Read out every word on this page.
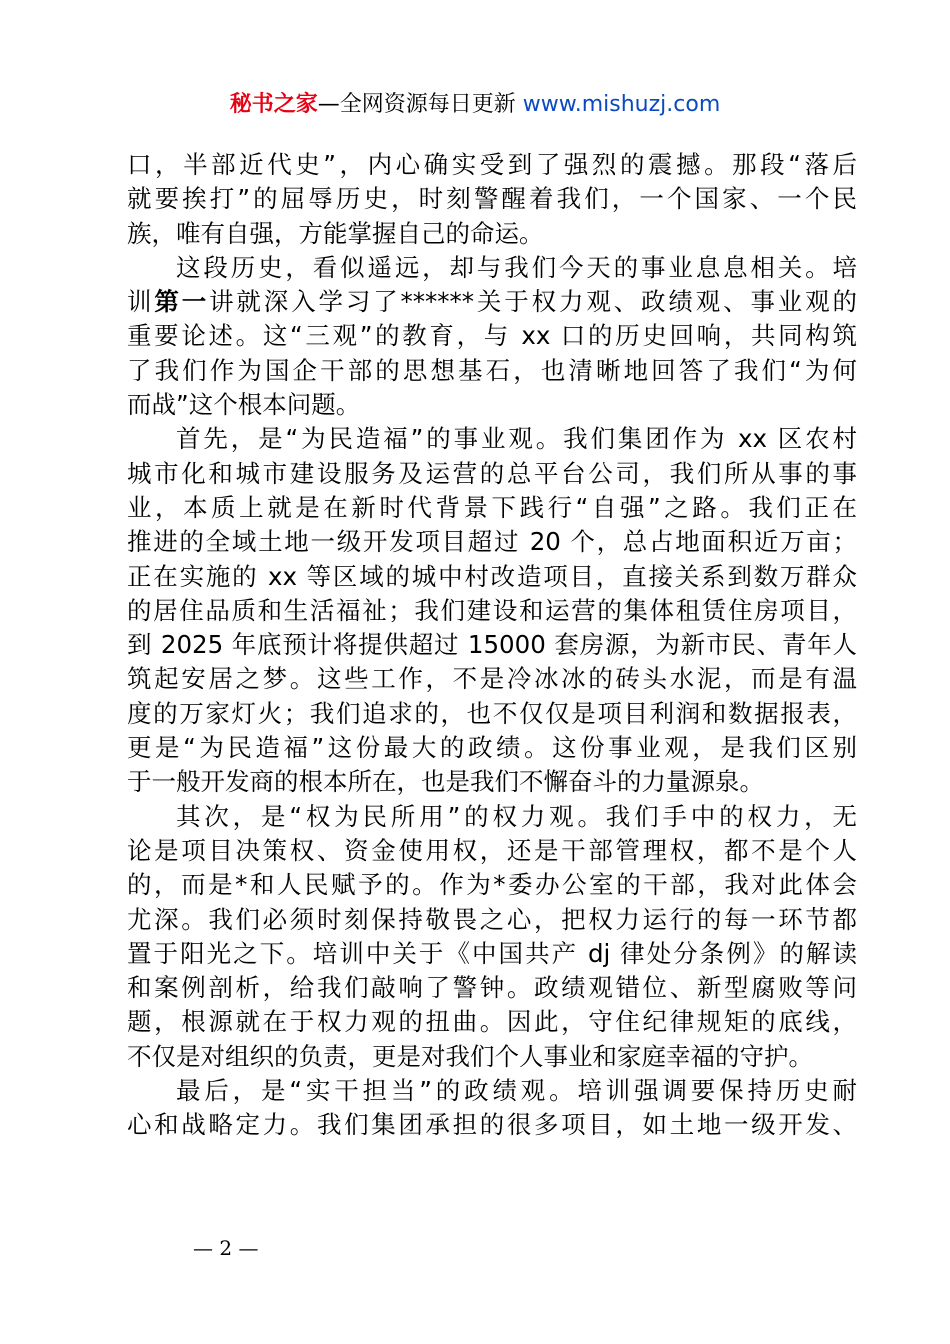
秘书之家—全网资源每日更新 www.mishuzj.com
口，半部近代史”，内心确实受到了强烈的震撼。那段“落后
就要挨打”的屈辱历史，时刻警醒着我们，一个国家、一个民
族，唯有自强，方能掌握自己的命运。
这段历史，看似遥远，却与我们今天的事业息息相关。培
训第一讲就深入学习了******关于权力观、政绩观、事业观的
重要论述。这“三观”的教育，与 xx 口的历史回响，共同构筑
了我们作为国企干部的思想基石，也清晰地回答了我们“为何
而战”这个根本问题。
首先，是“为民造福”的事业观。我们集团作为 xx 区农村
城市化和城市建设服务及运营的总平台公司，我们所从事的事
业，本质上就是在新时代背景下践行“自强”之路。我们正在
推进的全域土地一级开发项目超过 20 个，总占地面积近万亩；
正在实施的 xx 等区域的城中村改造项目，直接关系到数万群众
的居住品质和生活福祉；我们建设和运营的集体租赁住房项目，
到 2025 年底预计将提供超过 15000 套房源，为新市民、青年人
筑起安居之梦。这些工作，不是冷冰冰的砖头水泥，而是有温
度的万家灯火；我们追求的，也不仅仅是项目利润和数据报表，
更是“为民造福”这份最大的政绩。这份事业观，是我们区别
于一般开发商的根本所在，也是我们不懈奋斗的力量源泉。
其次，是“权为民所用”的权力观。我们手中的权力，无
论是项目决策权、资金使用权，还是干部管理权，都不是个人
的，而是*和人民赋予的。作为*委办公室的干部，我对此体会
尤深。我们必须时刻保持敬畏之心，把权力运行的每一环节都
置于阳光之下。培训中关于《中国共产 dj 律处分条例》的解读
和案例剖析，给我们敲响了警钟。政绩观错位、新型腐败等问
题，根源就在于权力观的扭曲。因此，守住纪律规矩的底线，
不仅是对组织的负责，更是对我们个人事业和家庭幸福的守护。
最后，是“实干担当”的政绩观。培训强调要保持历史耐
心和战略定力。我们集团承担的很多项目，如土地一级开发、
— 2 —
